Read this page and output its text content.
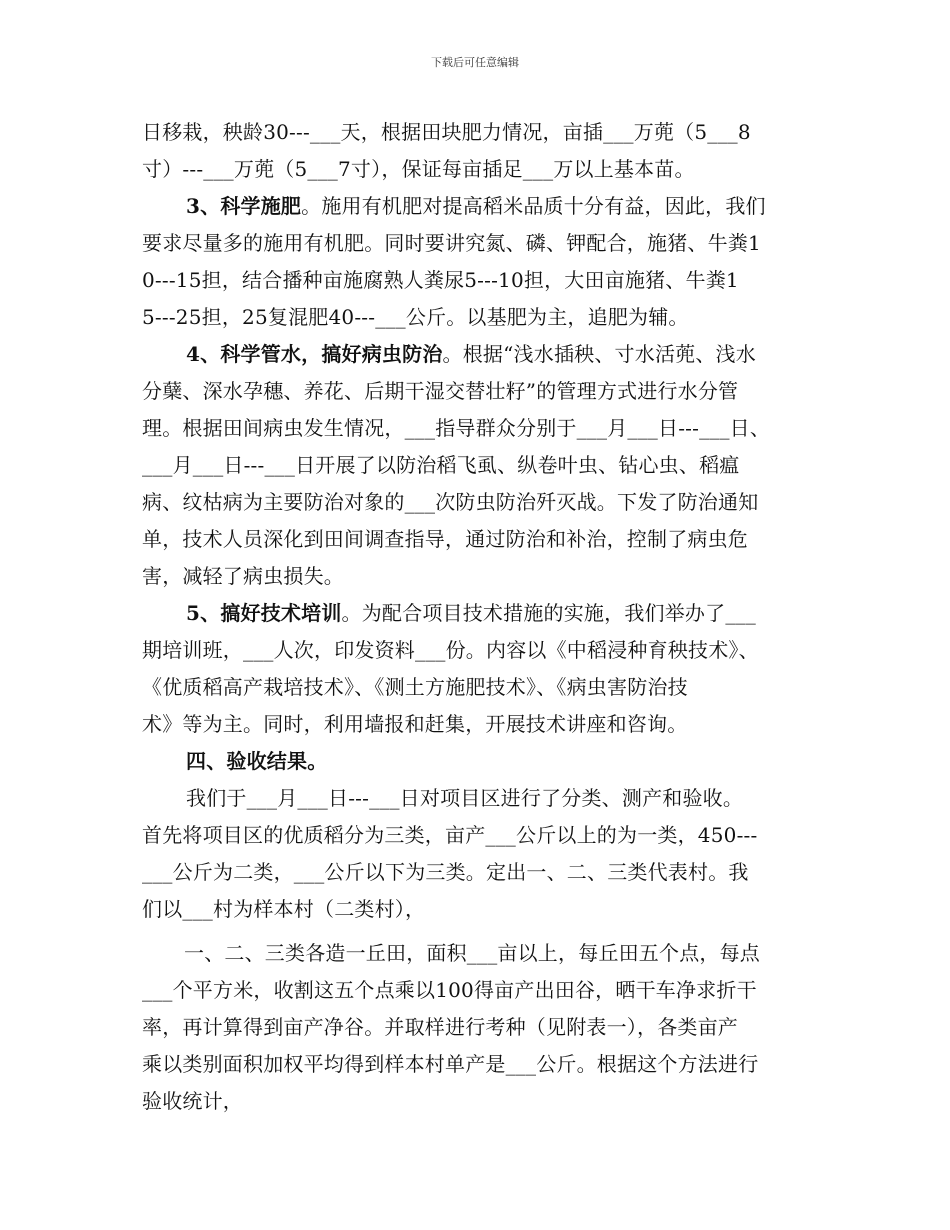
下载后可任意编辑
日移栽，秧龄30---___天，根据田块肥力情况，亩插___万蔸（5___8
寸）---___万蔸（5___7寸），保证每亩插足___万以上基本苗。
3、科学施肥。施用有机肥对提高稻米品质十分有益，因此，我们
要求尽量多的施用有机肥。同时要讲究氮、磷、钾配合，施猪、牛粪1
0---15担，结合播种亩施腐熟人粪尿5---10担，大田亩施猪、牛粪1
5---25担，25复混肥40---___公斤。以基肥为主，追肥为辅。
4、科学管水，搞好病虫防治。根据“浅水插秧、寸水活蔸、浅水
分蘖、深水孕穗、养花、后期干湿交替壮籽”的管理方式进行水分管
理。根据田间病虫发生情况，___指导群众分别于___月___日---___日、
___月___日---___日开展了以防治稻飞虱、纵卷叶虫、钻心虫、稻瘟
病、纹枯病为主要防治对象的___次防虫防治歼灭战。下发了防治通知
单，技术人员深化到田间调查指导，通过防治和补治，控制了病虫危
害，减轻了病虫损失。
5、搞好技术培训。为配合项目技术措施的实施，我们举办了___
期培训班，___人次，印发资料___份。内容以《中稻浸种育秧技术》、
《优质稻高产栽培技术》、《测土方施肥技术》、《病虫害防治技
术》等为主。同时，利用墙报和赶集，开展技术讲座和咨询。
四、验收结果。
我们于___月___日---___日对项目区进行了分类、测产和验收。
首先将项目区的优质稻分为三类，亩产___公斤以上的为一类，450---
___公斤为二类，___公斤以下为三类。定出一、二、三类代表村。我
们以___村为样本村（二类村），
一、二、三类各造一丘田，面积___亩以上，每丘田五个点，每点
___个平方米，收割这五个点乘以100得亩产出田谷，晒干车净求折干
率，再计算得到亩产净谷。并取样进行考种（见附表一），各类亩产
乘以类别面积加权平均得到样本村单产是___公斤。根据这个方法进行
验收统计，
